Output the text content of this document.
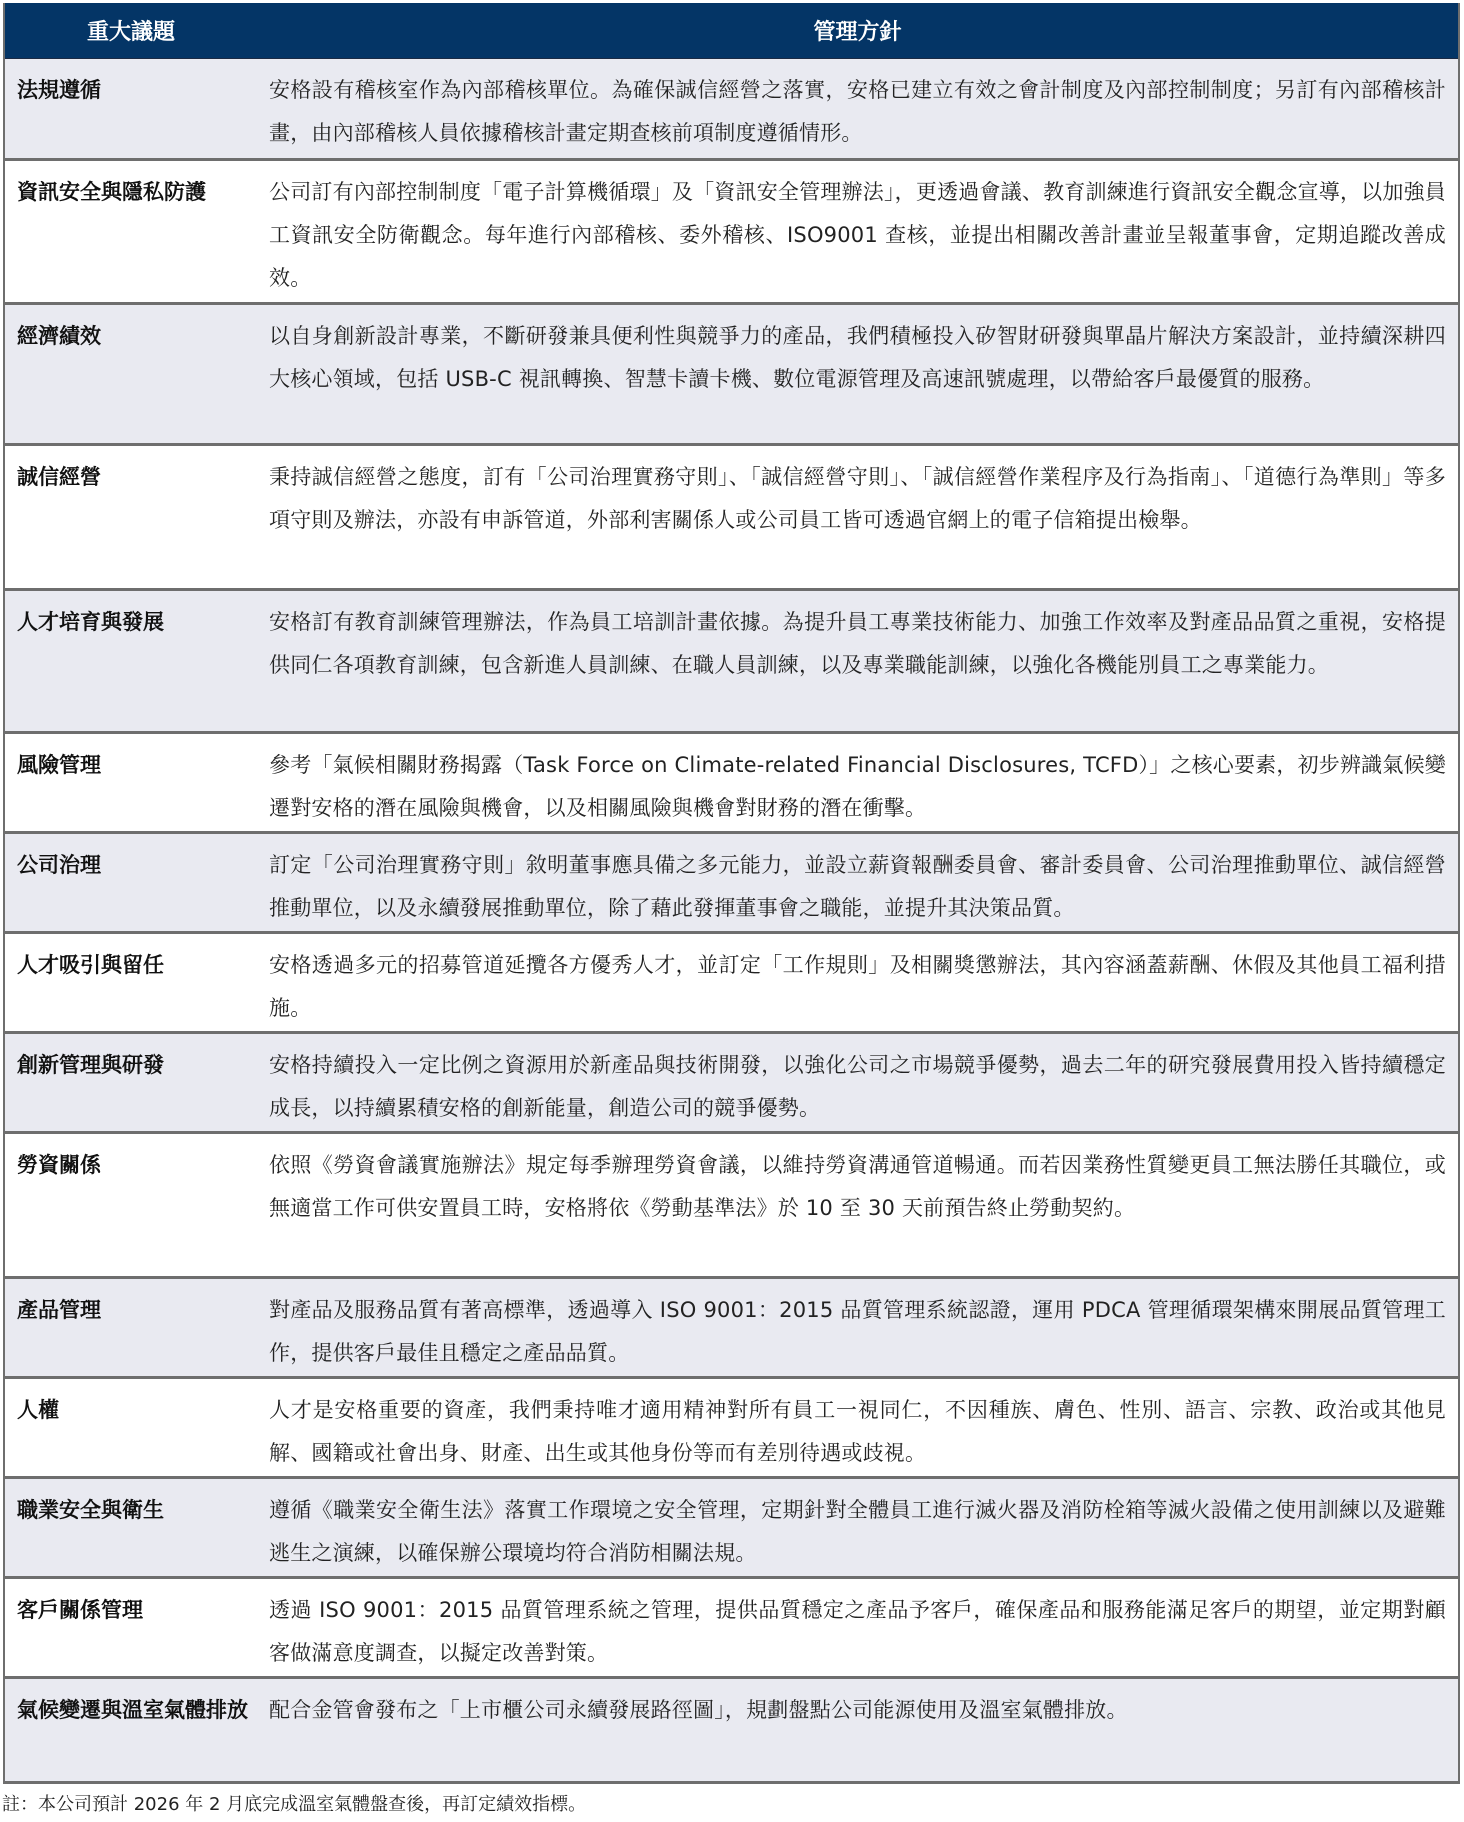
重大議題	管理方針
法規遵循	安格設有稽核室作為內部稽核單位。為確保誠信經營之落實，安格已建立有效之會計制度及內部控制制度；另訂有內部稽核計畫，由內部稽核人員依據稽核計畫定期查核前項制度遵循情形。
資訊安全與隱私防護	公司訂有內部控制制度「電子計算機循環」及「資訊安全管理辦法」，更透過會議、教育訓練進行資訊安全觀念宣導，以加強員工資訊安全防衛觀念。每年進行內部稽核、委外稽核、ISO9001 查核，並提出相關改善計畫並呈報董事會，定期追蹤改善成效。
經濟績效	以自身創新設計專業，不斷研發兼具便利性與競爭力的產品，我們積極投入矽智財研發與單晶片解決方案設計，並持續深耕四大核心領域，包括 USB-C 視訊轉換、智慧卡讀卡機、數位電源管理及高速訊號處理，以帶給客戶最優質的服務。
誠信經營	秉持誠信經營之態度，訂有「公司治理實務守則」、「誠信經營守則」、「誠信經營作業程序及行為指南」、「道德行為準則」等多項守則及辦法，亦設有申訴管道，外部利害關係人或公司員工皆可透過官網上的電子信箱提出檢舉。
人才培育與發展	安格訂有教育訓練管理辦法，作為員工培訓計畫依據。為提升員工專業技術能力、加強工作效率及對產品品質之重視，安格提供同仁各項教育訓練，包含新進人員訓練、在職人員訓練，以及專業職能訓練，以強化各機能別員工之專業能力。
風險管理	參考「氣候相關財務揭露（Task Force on Climate-related Financial Disclosures, TCFD）」之核心要素，初步辨識氣候變遷對安格的潛在風險與機會，以及相關風險與機會對財務的潛在衝擊。
公司治理	訂定「公司治理實務守則」敘明董事應具備之多元能力，並設立薪資報酬委員會、審計委員會、公司治理推動單位、誠信經營推動單位，以及永續發展推動單位，除了藉此發揮董事會之職能，並提升其決策品質。
人才吸引與留任	安格透過多元的招募管道延攬各方優秀人才，並訂定「工作規則」及相關獎懲辦法，其內容涵蓋薪酬、休假及其他員工福利措施。
創新管理與研發	安格持續投入一定比例之資源用於新產品與技術開發，以強化公司之市場競爭優勢，過去二年的研究發展費用投入皆持續穩定成長，以持續累積安格的創新能量，創造公司的競爭優勢。
勞資關係	依照《勞資會議實施辦法》規定每季辦理勞資會議，以維持勞資溝通管道暢通。而若因業務性質變更員工無法勝任其職位，或無適當工作可供安置員工時，安格將依《勞動基準法》於 10 至 30 天前預告終止勞動契約。
產品管理	對產品及服務品質有著高標準，透過導入 ISO 9001：2015 品質管理系統認證，運用 PDCA 管理循環架構來開展品質管理工作，提供客戶最佳且穩定之產品品質。
人權	人才是安格重要的資產，我們秉持唯才適用精神對所有員工一視同仁，不因種族、膚色、性別、語言、宗教、政治或其他見解、國籍或社會出身、財產、出生或其他身份等而有差別待遇或歧視。
職業安全與衛生	遵循《職業安全衛生法》落實工作環境之安全管理，定期針對全體員工進行滅火器及消防栓箱等滅火設備之使用訓練以及避難逃生之演練，以確保辦公環境均符合消防相關法規。
客戶關係管理	透過 ISO 9001：2015 品質管理系統之管理，提供品質穩定之產品予客戶，確保產品和服務能滿足客戶的期望，並定期對顧客做滿意度調查，以擬定改善對策。
氣候變遷與溫室氣體排放	配合金管會發布之「上市櫃公司永續發展路徑圖」，規劃盤點公司能源使用及溫室氣體排放。
註：本公司預計 2026 年 2 月底完成溫室氣體盤查後，再訂定績效指標。
